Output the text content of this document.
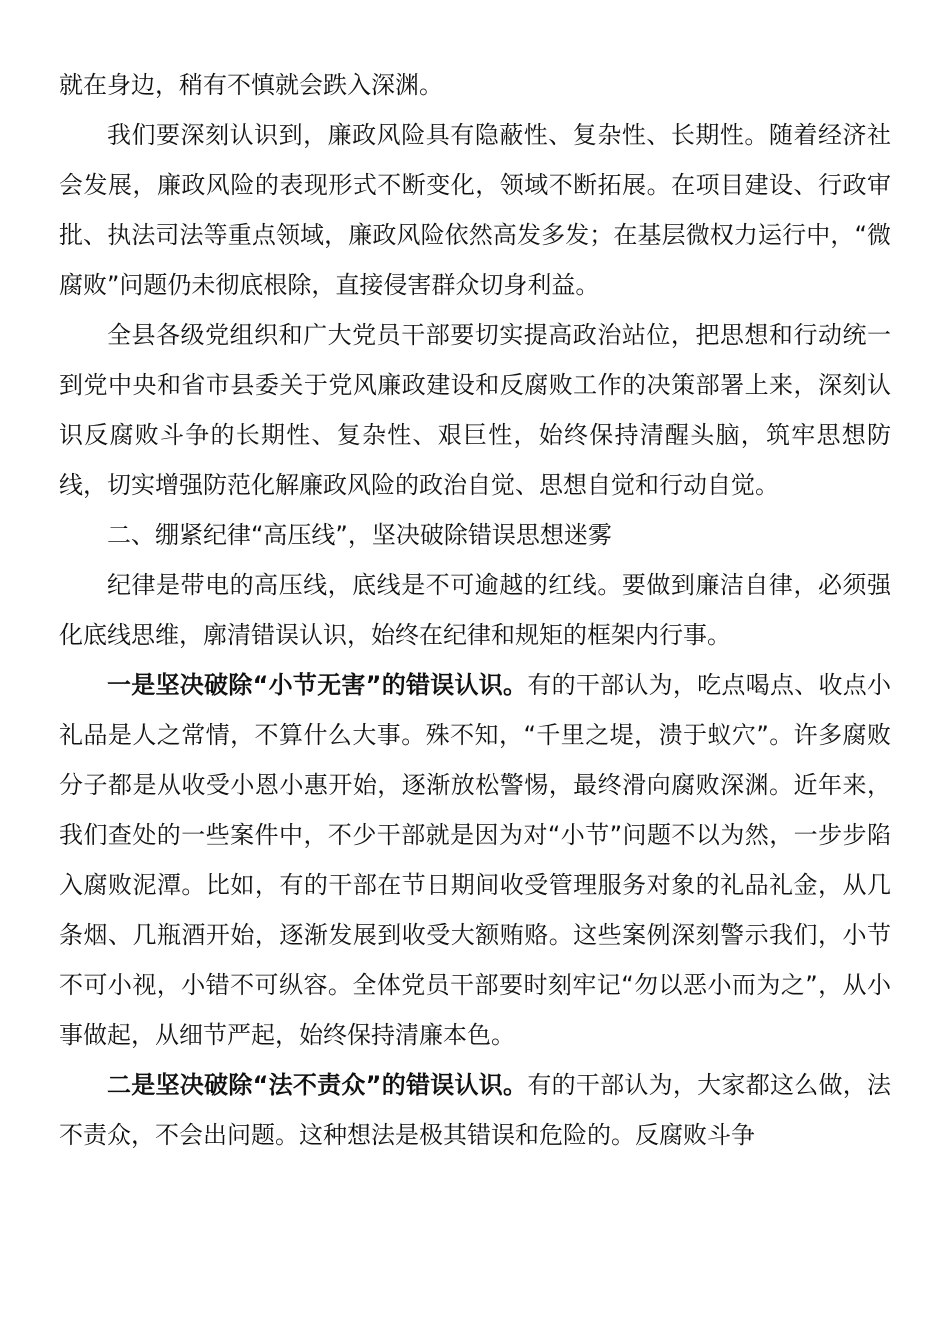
就在身边，稍有不慎就会跌入深渊。

我们要深刻认识到，廉政风险具有隐蔽性、复杂性、长期性。随着经济社会发展，廉政风险的表现形式不断变化，领域不断拓展。在项目建设、行政审批、执法司法等重点领域，廉政风险依然高发多发；在基层微权力运行中，“微腐败”问题仍未彻底根除，直接侵害群众切身利益。

全县各级党组织和广大党员干部要切实提高政治站位，把思想和行动统一到党中央和省市县委关于党风廉政建设和反腐败工作的决策部署上来，深刻认识反腐败斗争的长期性、复杂性、艰巨性，始终保持清醒头脑，筑牢思想防线，切实增强防范化解廉政风险的政治自觉、思想自觉和行动自觉。

二、绷紧纪律“高压线”，坚决破除错误思想迷雾

纪律是带电的高压线，底线是不可逾越的红线。要做到廉洁自律，必须强化底线思维，廓清错误认识，始终在纪律和规矩的框架内行事。

一是坚决破除“小节无害”的错误认识。有的干部认为，吃点喝点、收点小礼品是人之常情，不算什么大事。殊不知，“千里之堤，溃于蚁穴”。许多腐败分子都是从收受小恩小惠开始，逐渐放松警惕，最终滑向腐败深渊。近年来，我们查处的一些案件中，不少干部就是因为对“小节”问题不以为然，一步步陷入腐败泥潭。比如，有的干部在节日期间收受管理服务对象的礼品礼金，从几条烟、几瓶酒开始，逐渐发展到收受大额贿赂。这些案例深刻警示我们，小节不可小视，小错不可纵容。全体党员干部要时刻牢记“勿以恶小而为之”，从小事做起，从细节严起，始终保持清廉本色。

二是坚决破除“法不责众”的错误认识。有的干部认为，大家都这么做，法不责众，不会出问题。这种想法是极其错误和危险的。反腐败斗争
